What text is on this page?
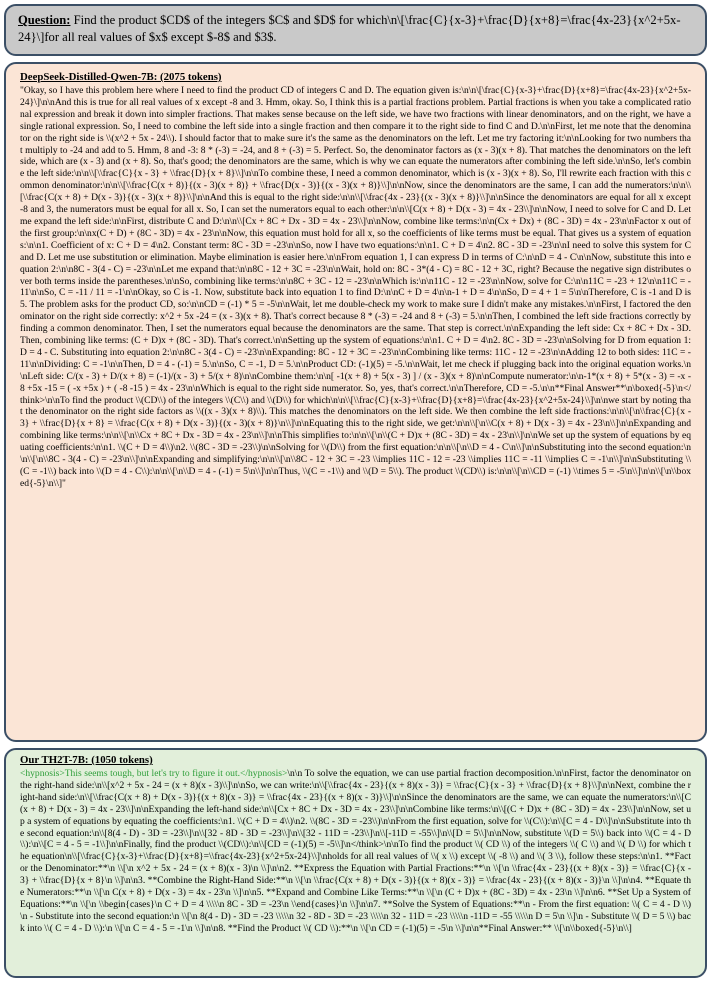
Question: Find the product $CD$ of the integers $C$ and $D$ for which\n\[\frac{C}{x-3}+\frac{D}{x+8}=\frac{4x-23}{x^2+5x-24}\]for all real values of $x$ except $-8$ and $3$.
DeepSeek-Distilled-Qwen-7B: (2075 tokens)
"Okay, so I have this problem here where I need to find the product CD of integers C and D. The equation given is:\n\n\[\frac{C}{x-3}+\frac{D}{x+8}=\frac{4x-23}{x^2+5x-24}\]\n\nAnd this is true for all real values of x except -8 and 3. Hmm, okay. So, I think this is a partial fractions problem. Partial fractions is when you take a complicated rational expression and break it down into simpler fractions. That makes sense because on the left side, we have two fractions with linear denominators, and on the right, we have a single rational expression. So, I need to combine the left side into a single fraction and then compare it to the right side to find C and D.\n\nFirst, let me note that the denominator on the right side is \\(x^2 + 5x - 24\\). I should factor that to make sure it's the same as the denominators on the left. Let me try factoring it:\n\nLooking for two numbers that multiply to -24 and add to 5. Hmm, 8 and -3: 8 * (-3) = -24, and 8 + (-3) = 5. Perfect. So, the denominator factors as (x - 3)(x + 8). That matches the denominators on the left side, which are (x - 3) and (x + 8). So, that's good; the denominators are the same, which is why we can equate the numerators after combining the left side.\n\nSo, let's combine the left side:\n\n\\[\\frac{C}{x - 3} + \\frac{D}{x + 8}\\]\n\nTo combine these, I need a common denominator, which is (x - 3)(x + 8). So, I'll rewrite each fraction with this common denominator:\n\n\\[\\frac{C(x + 8)}{(x - 3)(x + 8)} + \\frac{D(x - 3)}{(x - 3)(x + 8)}\\]\n\nNow, since the denominators are the same, I can add the numerators:\n\n\\[\\frac{C(x + 8) + D(x - 3)}{(x - 3)(x + 8)}\\]\n\nAnd this is equal to the right side:\n\n\\[\\frac{4x - 23}{(x - 3)(x + 8)}\\]\n\nSince the denominators are equal for all x except -8 and 3, the numerators must be equal for all x. So, I can set the numerators equal to each other:\n\n\\[C(x + 8) + D(x - 3) = 4x - 23\\]\n\nNow, I need to solve for C and D. Let me expand the left side:\n\nFirst, distribute C and D:\n\n\\[Cx + 8C + Dx - 3D = 4x - 23\\]\n\nNow, combine like terms:\n\n(Cx + Dx) + (8C - 3D) = 4x - 23\n\nFactor x out of the first group:\n\nx(C + D) + (8C - 3D) = 4x - 23\n\nNow, this equation must hold for all x, so the coefficients of like terms must be equal. That gives us a system of equations:\n\n1. Coefficient of x: C + D = 4\n2. Constant term: 8C - 3D = -23\n\nSo, now I have two equations:\n\n1. C + D = 4\n2. 8C - 3D = -23\n\nI need to solve this system for C and D. Let me use substitution or elimination. Maybe elimination is easier here.\n\nFrom equation 1, I can express D in terms of C:\n\nD = 4 - C\n\nNow, substitute this into equation 2:\n\n8C - 3(4 - C) = -23\n\nLet me expand that:\n\n8C - 12 + 3C = -23\n\nWait, hold on: 8C - 3*(4 - C) = 8C - 12 + 3C, right? Because the negative sign distributes over both terms inside the parentheses.\n\nSo, combining like terms:\n\n8C + 3C - 12 = -23\n\nWhich is:\n\n11C - 12 = -23\n\nNow, solve for C:\n\n11C = -23 + 12\n\n11C = -11\n\nSo, C = -11 / 11 = -1\n\nOkay, so C is -1. Now, substitute back into equation 1 to find D:\n\nC + D = 4\n\n-1 + D = 4\n\nSo, D = 4 + 1 = 5\n\nTherefore, C is -1 and D is 5. The problem asks for the product CD, so:\n\nCD = (-1) * 5 = -5\n\nWait, let me double-check my work to make sure I didn't make any mistakes.\n\nFirst, I factored the denominator on the right side correctly: x^2 + 5x -24 = (x - 3)(x + 8). That's correct because 8 * (-3) = -24 and 8 + (-3) = 5.\n\nThen, I combined the left side fractions correctly by finding a common denominator. Then, I set the numerators equal because the denominators are the same. That step is correct.\n\nExpanding the left side: Cx + 8C + Dx - 3D. Then, combining like terms: (C + D)x + (8C - 3D). That's correct.\n\nSetting up the system of equations:\n\n1. C + D = 4\n2. 8C - 3D = -23\n\nSolving for D from equation 1: D = 4 - C. Substituting into equation 2:\n\n8C - 3(4 - C) = -23\n\nExpanding: 8C - 12 + 3C = -23\n\nCombining like terms: 11C - 12 = -23\n\nAdding 12 to both sides: 11C = -11\n\nDividing: C = -1\n\nThen, D = 4 - (-1) = 5.\n\nSo, C = -1, D = 5.\n\nProduct CD: (-1)(5) = -5.\n\nWait, let me check if plugging back into the original equation works.\n\nLeft side: C/(x - 3) + D/(x + 8) = (-1)/(x - 3) + 5/(x + 8)\n\nCombine them:\n\n[ -1(x + 8) + 5(x - 3) ] / (x - 3)(x + 8)\n\nCompute numerator:\n\n-1*(x + 8) + 5*(x - 3) = -x - 8 +5x -15 = ( -x +5x ) + ( -8 -15 ) = 4x - 23\n\nWhich is equal to the right side numerator. So, yes, that's correct.\n\nTherefore, CD = -5.\n\n**Final Answer**\n\boxed{-5}\n</think>\n\nTo find the product \\(CD\\) of the integers \\(C\\) and \\(D\\) for which\n\n\\[\\frac{C}{x-3}+\\frac{D}{x+8}=\\frac{4x-23}{x^2+5x-24}\\]\n\nwe start by noting that the denominator on the right side factors as \\((x - 3)(x + 8)\\). This matches the denominators on the left side. We then combine the left side fractions:\n\n\\[\n\\frac{C}{x - 3} + \\frac{D}{x + 8} = \\frac{C(x + 8) + D(x - 3)}{(x - 3)(x + 8)}\n\\]\n\nEquating this to the right side, we get:\n\n\\[\n\\C(x + 8) + D(x - 3) = 4x - 23\n\\]\n\nExpanding and combining like terms:\n\n\\[\n\\Cx + 8C + Dx - 3D = 4x - 23\n\\]\n\nThis simplifies to:\n\n\\[\n\\(C + D)x + (8C - 3D) = 4x - 23\n\\]\n\nWe set up the system of equations by equating coefficients:\n\n1. \\(C + D = 4\\)\n2. \\(8C - 3D = -23\\)\n\nSolving for \\(D\\) from the first equation:\n\n\\[\n\\D = 4 - C\n\\]\n\nSubstituting into the second equation:\n\n\\[\n\\8C - 3(4 - C) = -23\n\\]\n\nExpanding and simplifying:\n\n\\[\n\\8C - 12 + 3C = -23 \\implies 11C - 12 = -23 \\implies 11C = -11 \\implies C = -1\n\\]\n\nSubstituting \\(C = -1\\) back into \\(D = 4 - C\\):\n\n\\[\n\\D = 4 - (-1) = 5\n\\]\n\nThus, \\(C = -1\\) and \\(D = 5\\). The product \\(CD\\) is:\n\n\\[\n\\CD = (-1) \\times 5 = -5\n\\]\n\n\\[\n\\boxed{-5}\n\\]"
Our TH2T-7B: (1050 tokens)
<hypnosis>This seems tough, but let's try to figure it out.</hypnosis>\n\n To solve the equation, we can use partial fraction decomposition.\n\nFirst, factor the denominator on the right-hand side:\n\\[x^2 + 5x - 24 = (x + 8)(x - 3)\\]\n\nSo, we can write:\n\\[\\frac{4x - 23}{(x + 8)(x - 3)} = \\frac{C}{x - 3} + \\frac{D}{x + 8}\\]\n\nNext, combine the right-hand side:\n\\[\\frac{C(x + 8) + D(x - 3)}{(x + 8)(x - 3)} = \\frac{4x - 23}{(x + 8)(x - 3)}\\]\n\nSince the denominators are the same, we can equate the numerators:\n\\[C(x + 8) + D(x - 3) = 4x - 23\\]\n\nExpanding the left-hand side:\n\\[Cx + 8C + Dx - 3D = 4x - 23\\]\n\nCombine like terms:\n\\[(C + D)x + (8C - 3D) = 4x - 23\\]\n\nNow, set up a system of equations by equating the coefficients:\n1. \\(C + D = 4\\)\n2. \\(8C - 3D = -23\\)\n\nFrom the first equation, solve for \\(C\\):\n\\[C = 4 - D\\]\n\nSubstitute into the second equation:\n\\[8(4 - D) - 3D = -23\\]\n\\[32 - 8D - 3D = -23\\]\n\\[32 - 11D = -23\\]\n\\[-11D = -55\\]\n\\[D = 5\\]\n\nNow, substitute \\(D = 5\\) back into \\(C = 4 - D\\):\n\\[C = 4 - 5 = -1\\]\n\nFinally, find the product \\(CD\\):\n\\[CD = (-1)(5) = -5\\]\n</think>\n\nTo find the product \\( CD \\) of the integers \\( C \\) and \\( D \\) for which the equation\n\\[\\frac{C}{x-3}+\\frac{D}{x+8}=\\frac{4x-23}{x^2+5x-24}\\]\nholds for all real values of \\( x \\) except \\( -8 \\) and \\( 3 \\), follow these steps:\n\n1. **Factor the Denominator:**\n \\[\n x^2 + 5x - 24 = (x + 8)(x - 3)\n \\]\n\n2. **Express the Equation with Partial Fractions:**\n \\[\n \\frac{4x - 23}{(x + 8)(x - 3)} = \\frac{C}{x - 3} + \\frac{D}{x + 8}\n \\]\n\n3. **Combine the Right-Hand Side:**\n \\[\n \\frac{C(x + 8) + D(x - 3)}{(x + 8)(x - 3)} = \\frac{4x - 23}{(x + 8)(x - 3)}\n \\]\n\n4. **Equate the Numerators:**\n \\[\n C(x + 8) + D(x - 3) = 4x - 23\n \\]\n\n5. **Expand and Combine Like Terms:**\n \\[\n (C + D)x + (8C - 3D) = 4x - 23\n \\]\n\n6. **Set Up a System of Equations:**\n \\[\n \\begin{cases}\n C + D = 4 \\\\\n 8C - 3D = -23\n \\end{cases}\n \\]\n\n7. **Solve the System of Equations:**\n - From the first equation: \\( C = 4 - D \\)\n - Substitute into the second equation:\n \\[\n 8(4 - D) - 3D = -23 \\\\\n 32 - 8D - 3D = -23 \\\\\n 32 - 11D = -23 \\\\\n -11D = -55 \\\\\n D = 5\n \\]\n - Substitute \\( D = 5 \\) back into \\( C = 4 - D \\):\n \\[\n C = 4 - 5 = -1\n \\]\n\n8. **Find the Product \\( CD \\):**\n \\[\n CD = (-1)(5) = -5\n \\]\n\n**Final Answer:** \\[\n\\boxed{-5}\n\\]
